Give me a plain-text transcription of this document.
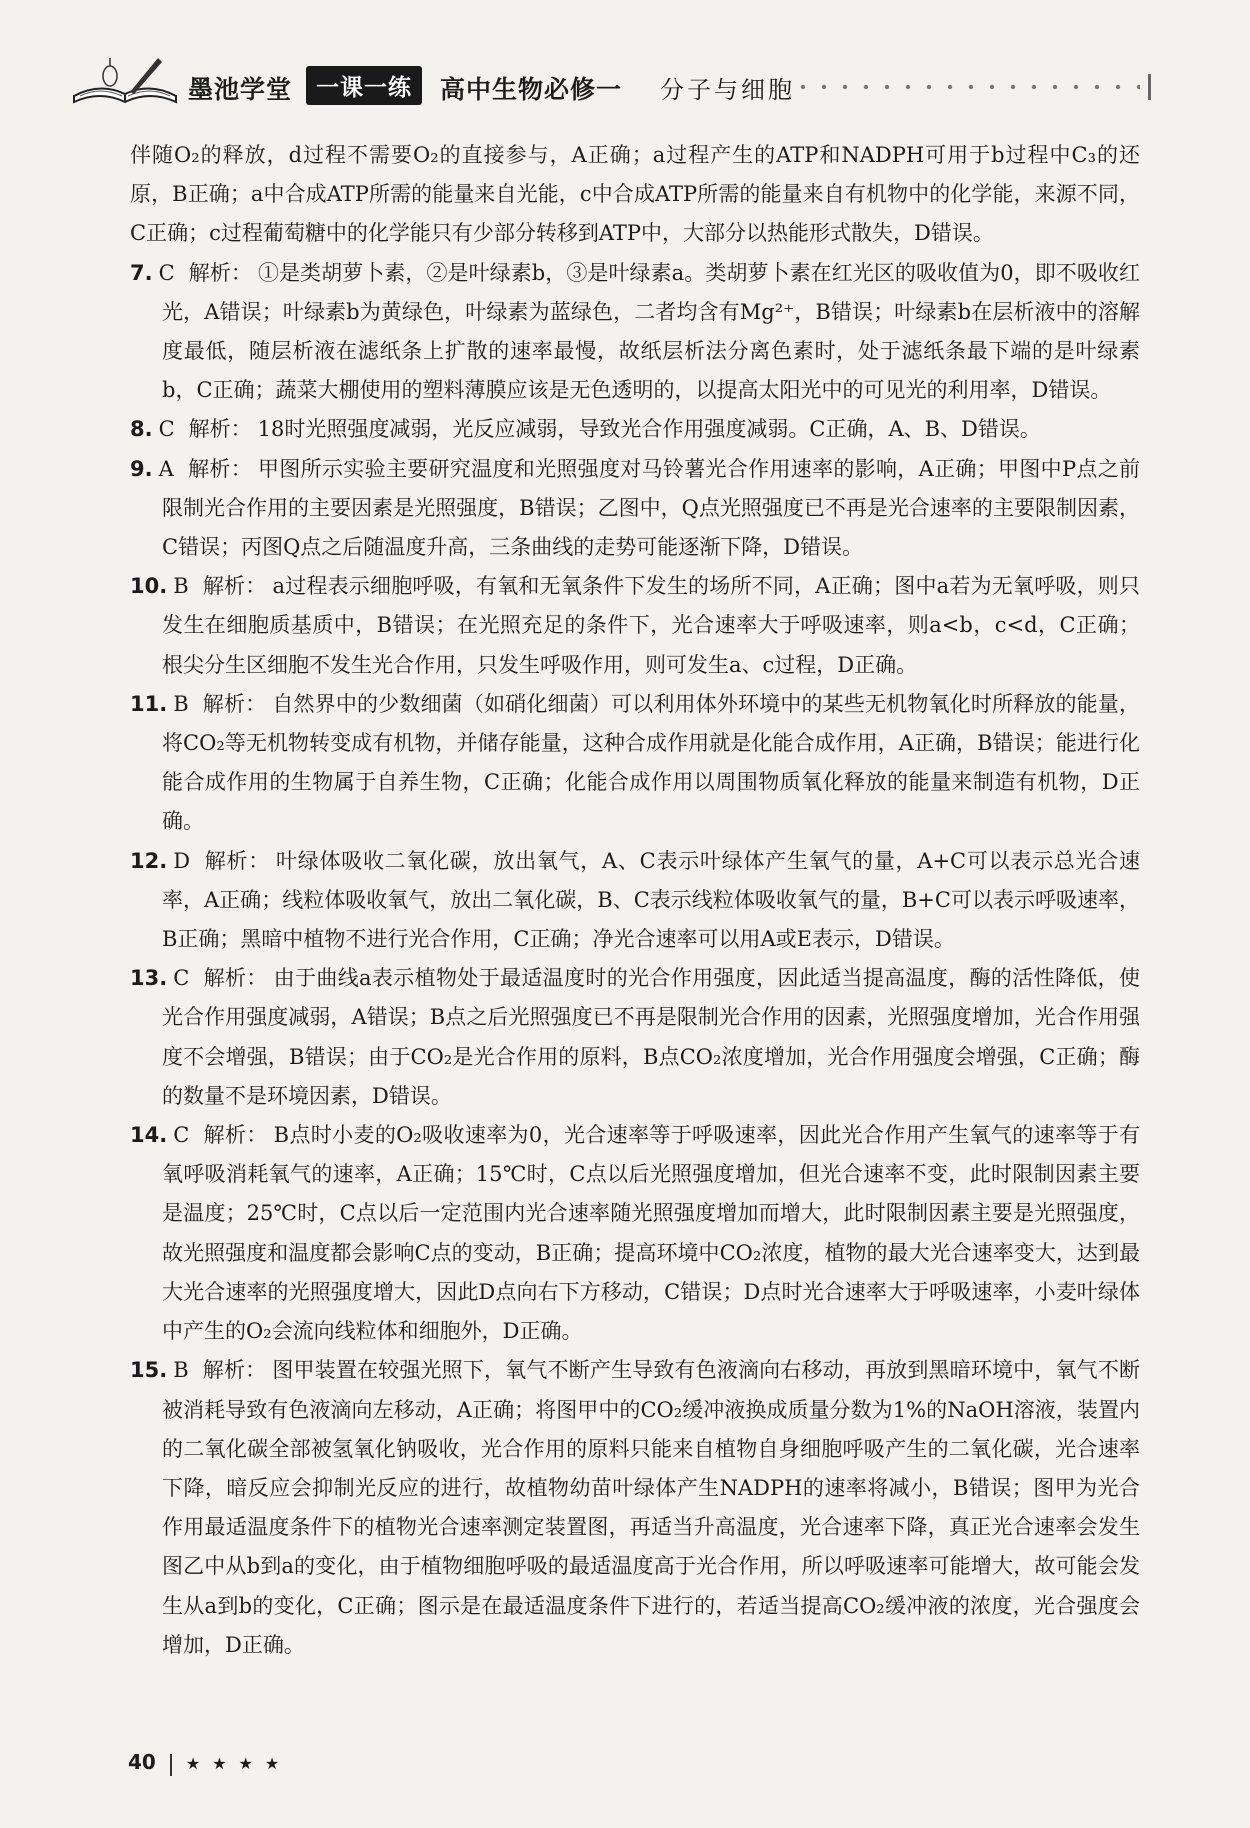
墨池学堂	一课一练	高中生物必修一 分子与细胞

伴随O₂的释放，d过程不需要O₂的直接参与，A正确；a过程产生的ATP和NADPH可用于b过程中C₃的还原，B正确；a中合成ATP所需的能量来自光能，c中合成ATP所需的能量来自有机物中的化学能，来源不同，C正确；c过程葡萄糖中的化学能只有少部分转移到ATP中，大部分以热能形式散失，D错误。

7. C 解析： ①是类胡萝卜素，②是叶绿素b，③是叶绿素a。类胡萝卜素在红光区的吸收值为0，即不吸收红光，A错误；叶绿素b为黄绿色，叶绿素为蓝绿色，二者均含有Mg²⁺，B错误；叶绿素b在层析液中的溶解度最低，随层析液在滤纸条上扩散的速率最慢，故纸层析法分离色素时，处于滤纸条最下端的是叶绿素b，C正确；蔬菜大棚使用的塑料薄膜应该是无色透明的，以提高太阳光中的可见光的利用率，D错误。

8. C 解析： 18时光照强度减弱，光反应减弱，导致光合作用强度减弱。C正确，A、B、D错误。

9. A 解析： 甲图所示实验主要研究温度和光照强度对马铃薯光合作用速率的影响，A正确；甲图中P点之前限制光合作用的主要因素是光照强度，B错误；乙图中，Q点光照强度已不再是光合速率的主要限制因素，C错误；丙图Q点之后随温度升高，三条曲线的走势可能逐渐下降，D错误。

10. B 解析： a过程表示细胞呼吸，有氧和无氧条件下发生的场所不同，A正确；图中a若为无氧呼吸，则只发生在细胞质基质中，B错误；在光照充足的条件下，光合速率大于呼吸速率，则a<b，c<d，C正确；根尖分生区细胞不发生光合作用，只发生呼吸作用，则可发生a、c过程，D正确。

11. B 解析： 自然界中的少数细菌（如硝化细菌）可以利用体外环境中的某些无机物氧化时所释放的能量，将CO₂等无机物转变成有机物，并储存能量，这种合成作用就是化能合成作用，A正确，B错误；能进行化能合成作用的生物属于自养生物，C正确；化能合成作用以周围物质氧化释放的能量来制造有机物，D正确。

12. D 解析： 叶绿体吸收二氧化碳，放出氧气，A、C表示叶绿体产生氧气的量，A+C可以表示总光合速率，A正确；线粒体吸收氧气，放出二氧化碳，B、C表示线粒体吸收氧气的量，B+C可以表示呼吸速率，B正确；黑暗中植物不进行光合作用，C正确；净光合速率可以用A或E表示，D错误。

13. C 解析： 由于曲线a表示植物处于最适温度时的光合作用强度，因此适当提高温度，酶的活性降低，使光合作用强度减弱，A错误；B点之后光照强度已不再是限制光合作用的因素，光照强度增加，光合作用强度不会增强，B错误；由于CO₂是光合作用的原料，B点CO₂浓度增加，光合作用强度会增强，C正确；酶的数量不是环境因素，D错误。

14. C 解析： B点时小麦的O₂吸收速率为0，光合速率等于呼吸速率，因此光合作用产生氧气的速率等于有氧呼吸消耗氧气的速率，A正确；15℃时，C点以后光照强度增加，但光合速率不变，此时限制因素主要是温度；25℃时，C点以后一定范围内光合速率随光照强度增加而增大，此时限制因素主要是光照强度，故光照强度和温度都会影响C点的变动，B正确；提高环境中CO₂浓度，植物的最大光合速率变大，达到最大光合速率的光照强度增大，因此D点向右下方移动，C错误；D点时光合速率大于呼吸速率，小麦叶绿体中产生的O₂会流向线粒体和细胞外，D正确。

15. B 解析： 图甲装置在较强光照下，氧气不断产生导致有色液滴向右移动，再放到黑暗环境中，氧气不断被消耗导致有色液滴向左移动，A正确；将图甲中的CO₂缓冲液换成质量分数为1%的NaOH溶液，装置内的二氧化碳全部被氢氧化钠吸收，光合作用的原料只能来自植物自身细胞呼吸产生的二氧化碳，光合速率下降，暗反应会抑制光反应的进行，故植物幼苗叶绿体产生NADPH的速率将减小，B错误；图甲为光合作用最适温度条件下的植物光合速率测定装置图，再适当升高温度，光合速率下降，真正光合速率会发生图乙中从b到a的变化，由于植物细胞呼吸的最适温度高于光合作用，所以呼吸速率可能增大，故可能会发生从a到b的变化，C正确；图示是在最适温度条件下进行的，若适当提高CO₂缓冲液的浓度，光合强度会增加，D正确。

40 ★★★★
